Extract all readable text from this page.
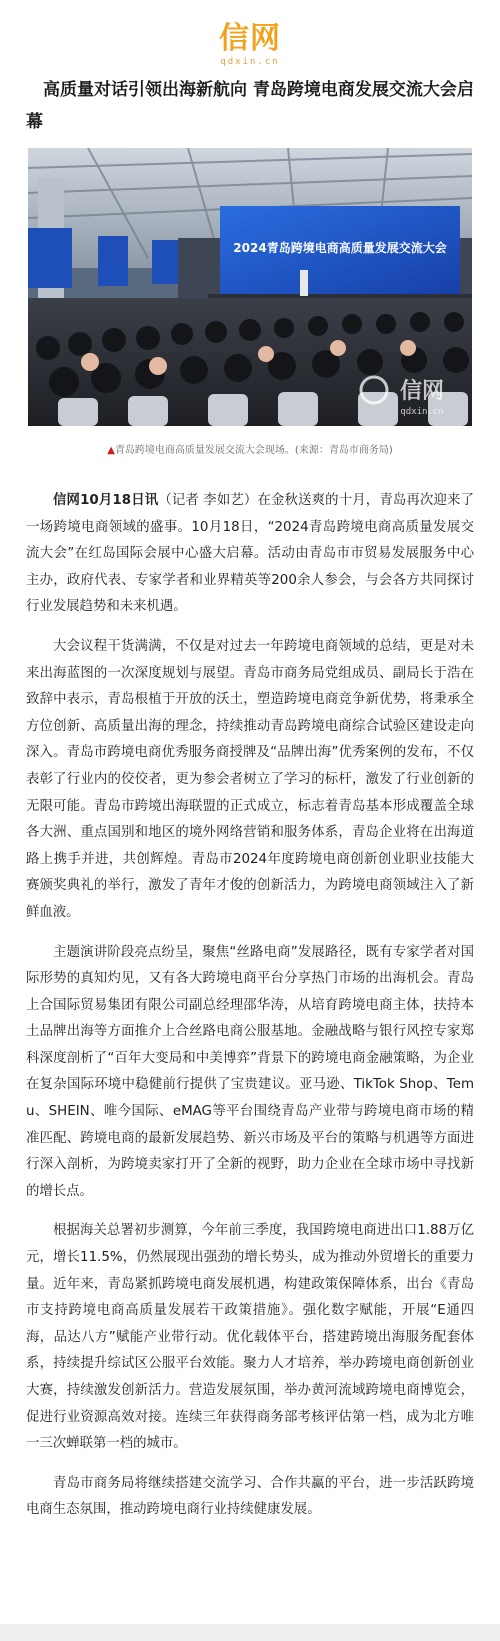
信网
qdxin.cn
高质量对话引领出海新航向 青岛跨境电商发展交流大会启幕
2024青岛跨境电商高质量发展交流大会
信网
qdxin.cn
▲青岛跨境电商高质量发展交流大会现场。(来源：青岛市商务局)

信网10月18日讯（记者 李如艺）在金秋送爽的十月，青岛再次迎来了一场跨境电商领域的盛事。10月18日，“2024青岛跨境电商高质量发展交流大会”在红岛国际会展中心盛大启幕。活动由青岛市市贸易发展服务中心主办，政府代表、专家学者和业界精英等200余人参会，与会各方共同探讨行业发展趋势和未来机遇。

大会议程干货满满，不仅是对过去一年跨境电商领域的总结，更是对未来出海蓝图的一次深度规划与展望。青岛市商务局党组成员、副局长于浩在致辞中表示，青岛根植于开放的沃土，塑造跨境电商竞争新优势，将秉承全方位创新、高质量出海的理念，持续推动青岛跨境电商综合试验区建设走向深入。青岛市跨境电商优秀服务商授牌及“品牌出海”优秀案例的发布，不仅表彰了行业内的佼佼者，更为参会者树立了学习的标杆，激发了行业创新的无限可能。青岛市跨境出海联盟的正式成立，标志着青岛基本形成覆盖全球各大洲、重点国别和地区的境外网络营销和服务体系，青岛企业将在出海道路上携手并进，共创辉煌。青岛市2024年度跨境电商创新创业职业技能大赛颁奖典礼的举行，激发了青年才俊的创新活力，为跨境电商领域注入了新鲜血液。

主题演讲阶段亮点纷呈，聚焦“丝路电商”发展路径，既有专家学者对国际形势的真知灼见，又有各大跨境电商平台分享热门市场的出海机会。青岛上合国际贸易集团有限公司副总经理邵华涛，从培育跨境电商主体，扶持本土品牌出海等方面推介上合丝路电商公服基地。金融战略与银行风控专家郑科深度剖析了“百年大变局和中美博弈”背景下的跨境电商金融策略，为企业在复杂国际环境中稳健前行提供了宝贵建议。亚马逊、TikTok Shop、Temu、SHEIN、唯今国际、eMAG等平台围绕青岛产业带与跨境电商市场的精准匹配、跨境电商的最新发展趋势、新兴市场及平台的策略与机遇等方面进行深入剖析，为跨境卖家打开了全新的视野，助力企业在全球市场中寻找新的增长点。

根据海关总署初步测算，今年前三季度，我国跨境电商进出口1.88万亿元，增长11.5%，仍然展现出强劲的增长势头，成为推动外贸增长的重要力量。近年来，青岛紧抓跨境电商发展机遇，构建政策保障体系，出台《青岛市支持跨境电商高质量发展若干政策措施》。强化数字赋能，开展“E通四海，品达八方”赋能产业带行动。优化载体平台，搭建跨境出海服务配套体系，持续提升综试区公服平台效能。聚力人才培养，举办跨境电商创新创业大赛，持续激发创新活力。营造发展氛围，举办黄河流域跨境电商博览会，促进行业资源高效对接。连续三年获得商务部考核评估第一档，成为北方唯一三次蝉联第一档的城市。

青岛市商务局将继续搭建交流学习、合作共赢的平台，进一步活跃跨境电商生态氛围，推动跨境电商行业持续健康发展。
